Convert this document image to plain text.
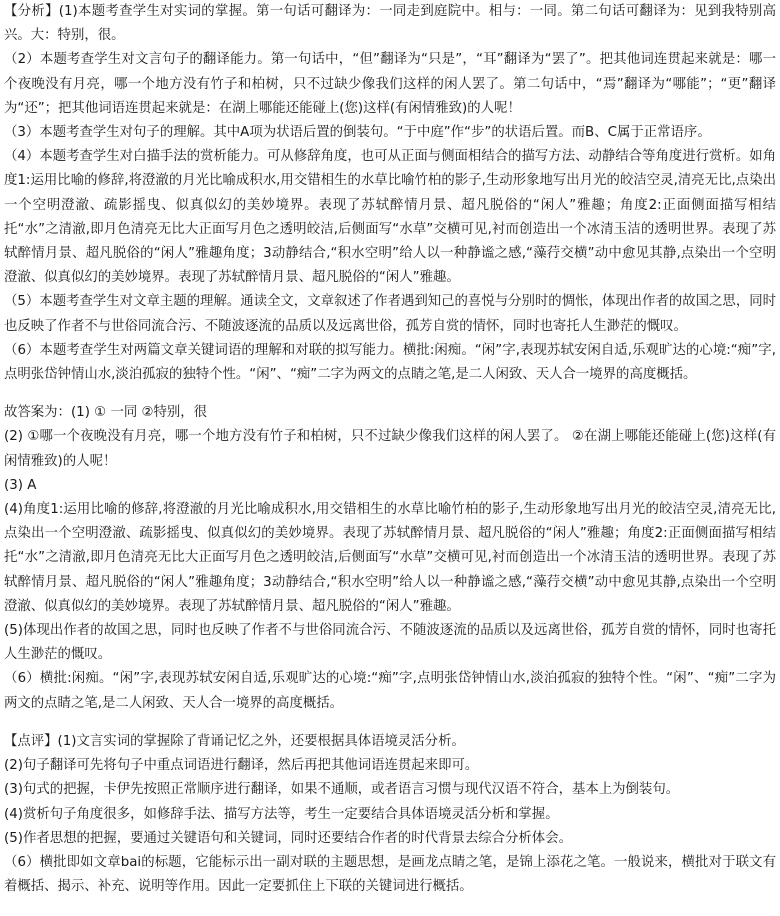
【分析】(1)本题考查学生对实词的掌握。第一句话可翻译为：一同走到庭院中。相与：一同。第二句话可翻译为：见到我特别高兴。大：特别，很。

（2）本题考查学生对文言句子的翻译能力。第一句话中，“但”翻译为“只是”，“耳”翻译为“罢了”。把其他词连贯起来就是：哪一个夜晚没有月亮，哪一个地方没有竹子和柏树，只不过缺少像我们这样的闲人罢了。第二句话中，“焉”翻译为“哪能”；“更”翻译为“还”；把其他词语连贯起来就是：在湖上哪能还能碰上(您)这样(有闲情雅致)的人呢！

（3）本题考查学生对句子的理解。其中A项为状语后置的倒装句。“于中庭”作“步”的状语后置。而B、C属于正常语序。

（4）本题考查学生对白描手法的赏析能力。可从修辞角度，也可从正面与侧面相结合的描写方法、动静结合等角度进行赏析。如角度1:运用比喻的修辞,将澄澈的月光比喻成积水,用交错相生的水草比喻竹柏的影子,生动形象地写出月光的皎洁空灵,清亮无比,点染出一个空明澄澈、疏影摇曳、似真似幻的美妙境界。表现了苏轼醉情月景、超凡脱俗的“闲人”雅趣；角度2:正面侧面描写相结托“水”之清澈,即月色清亮无比大正面写月色之透明皎洁,后侧面写“水草”交横可见,衬而创造出一个冰清玉洁的透明世界。表现了苏轼醉情月景、超凡脱俗的“闲人”雅趣角度；3动静结合,“积水空明”给人以一种静谧之感,“藻荇交横”动中愈见其静,点染出一个空明澄澈、似真似幻的美妙境界。表现了苏轼醉情月景、超凡脱俗的“闲人”雅趣。

（5）本题考查学生对文章主题的理解。通读全文，文章叙述了作者遇到知己的喜悦与分别时的惆怅，体现出作者的故国之思，同时也反映了作者不与世俗同流合污、不随波逐流的品质以及远离世俗，孤芳自赏的情怀，同时也寄托人生渺茫的慨叹。

（6）本题考查学生对两篇文章关键词语的理解和对联的拟写能力。横批:闲痴。“闲”字,表现苏轼安闲自适,乐观旷达的心境:“痴”字,点明张岱钟情山水,淡泊孤寂的独特个性。“闲”、“痴”二字为两文的点睛之笔,是二人闲致、天人合一境界的高度概括。

故答案为：(1) ① 一同 ②特别，很

(2) ①哪一个夜晚没有月亮，哪一个地方没有竹子和柏树，只不过缺少像我们这样的闲人罢了。 ②在湖上哪能还能碰上(您)这样(有闲情雅致)的人呢！

(3) A

(4)角度1:运用比喻的修辞,将澄澈的月光比喻成积水,用交错相生的水草比喻竹柏的影子,生动形象地写出月光的皎洁空灵,清亮无比,点染出一个空明澄澈、疏影摇曳、似真似幻的美妙境界。表现了苏轼醉情月景、超凡脱俗的“闲人”雅趣；角度2:正面侧面描写相结托“水”之清澈,即月色清亮无比大正面写月色之透明皎洁,后侧面写“水草”交横可见,衬而创造出一个冰清玉洁的透明世界。表现了苏轼醉情月景、超凡脱俗的“闲人”雅趣角度；3动静结合,“积水空明”给人以一种静谧之感,“藻荇交横”动中愈见其静,点染出一个空明澄澈、似真似幻的美妙境界。表现了苏轼醉情月景、超凡脱俗的“闲人”雅趣。

(5)体现出作者的故国之思，同时也反映了作者不与世俗同流合污、不随波逐流的品质以及远离世俗，孤芳自赏的情怀，同时也寄托人生渺茫的慨叹。

（6）横批:闲痴。“闲”字,表现苏轼安闲自适,乐观旷达的心境:“痴”字,点明张岱钟情山水,淡泊孤寂的独特个性。“闲”、“痴”二字为两文的点睛之笔,是二人闲致、天人合一境界的高度概括。

【点评】(1)文言实词的掌握除了背诵记忆之外，还要根据具体语境灵活分析。

(2)句子翻译可先将句子中重点词语进行翻译，然后再把其他词语连贯起来即可。

(3)句式的把握，卡伊先按照正常顺序进行翻译，如果不通顺，或者语言习惯与现代汉语不符合，基本上为倒装句。

(4)赏析句子角度很多，如修辞手法、描写方法等，考生一定要结合具体语境灵活分析和掌握。

(5)作者思想的把握，要通过关键语句和关键词，同时还要结合作者的时代背景去综合分析体会。

（6）横批即如文章bai的标题，它能标示出一副对联的主题思想，是画龙点睛之笔，是锦上添花之笔。一般说来，横批对于联文有着概括、揭示、补充、说明等作用。因此一定要抓住上下联的关键词进行概括。
